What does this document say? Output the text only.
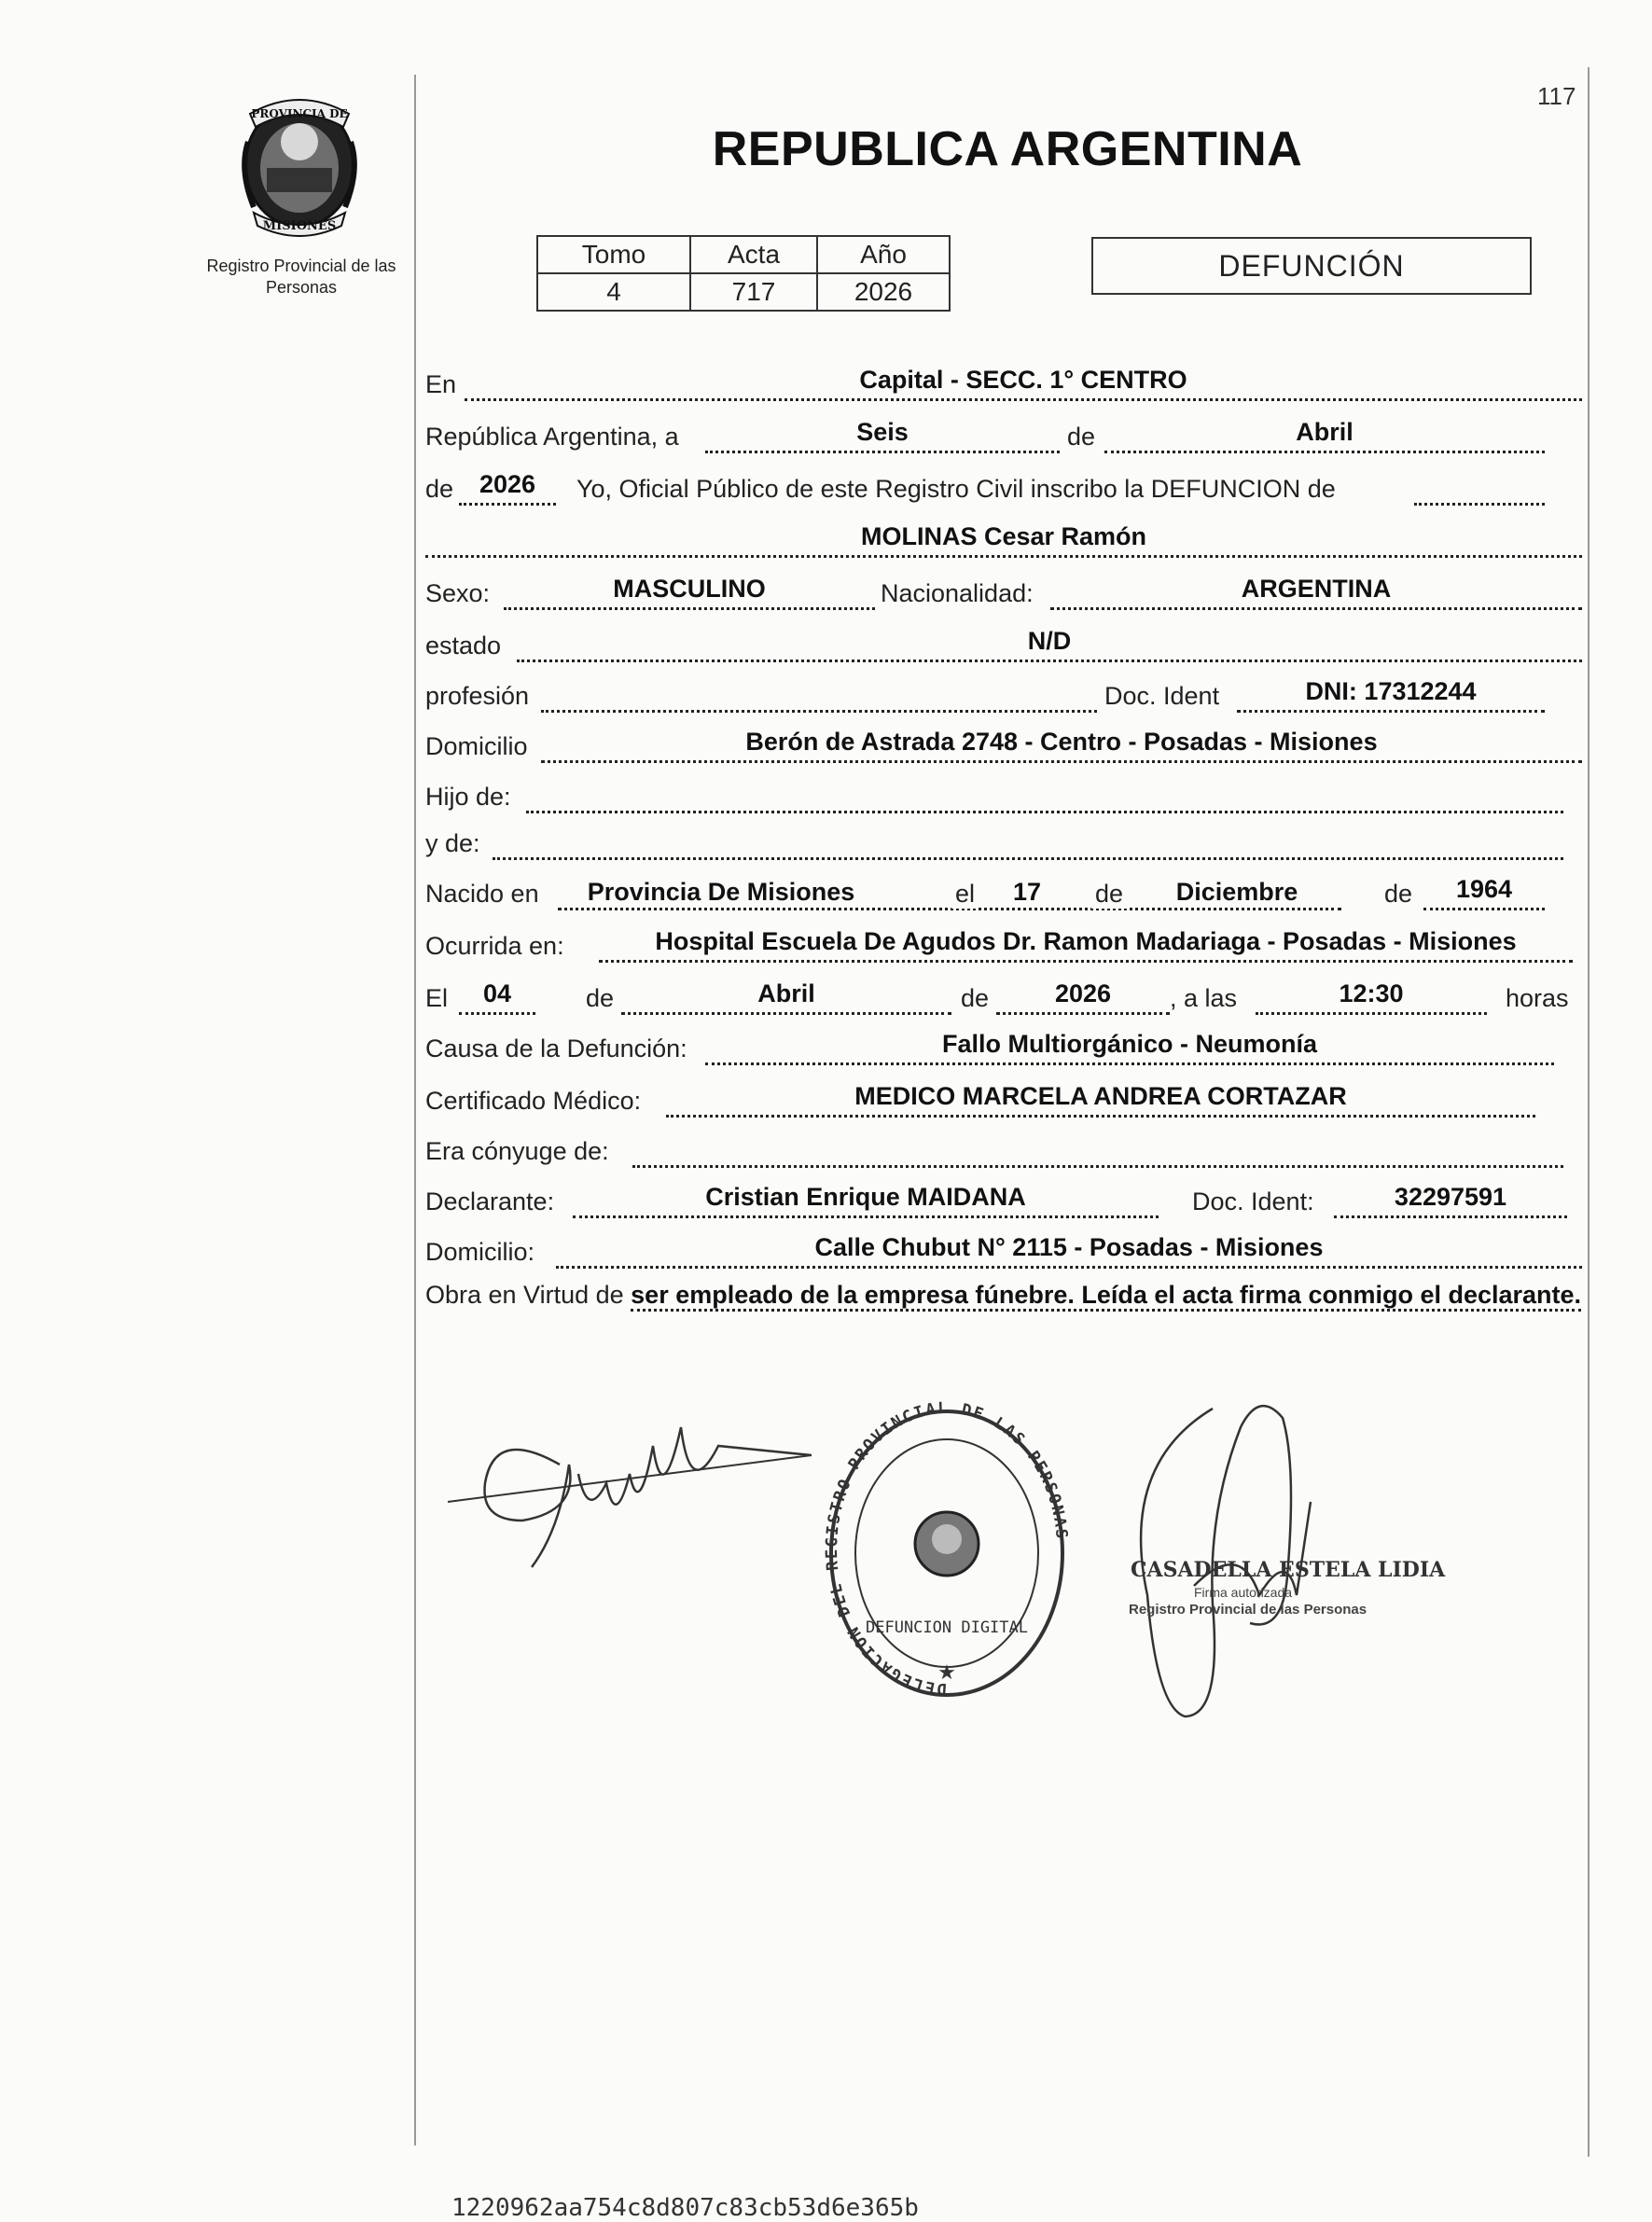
117
PROVINCIA DE
MISIONES
Registro Provincial de las Personas
REPUBLICA ARGENTINA
Tomo	Acta	Año
4	717	2026
DEFUNCIÓN
En	Capital - SECC. 1° CENTRO
República Argentina, a	Seis	de	Abril
de	2026	Yo, Oficial Público de este Registro Civil inscribo la DEFUNCION de
MOLINAS Cesar Ramón
Sexo:	MASCULINO	Nacionalidad:	ARGENTINA
estado	N/D
profesión	Doc. Ident	DNI: 17312244
Domicilio	Berón de Astrada 2748 - Centro - Posadas - Misiones
Hijo de:
y de:
Nacido en	Provincia De Misiones	el	17	de	Diciembre	de	1964
Ocurrida en:	Hospital Escuela De Agudos Dr. Ramon Madariaga - Posadas - Misiones
El	04	de	Abril	de	2026	, a las	12:30	horas
Causa de la Defunción:	Fallo Multiorgánico - Neumonía
Certificado Médico:	MEDICO MARCELA ANDREA CORTAZAR
Era cónyuge de:
Declarante:	Cristian Enrique MAIDANA	Doc. Ident:	32297591
Domicilio:	Calle Chubut N° 2115 - Posadas - Misiones
Obra en Virtud de ser empleado de la empresa fúnebre. Leída el acta firma conmigo el declarante.
DELEGACION DEL REGISTRO PROVINCIAL DE LAS PERSONAS
DEFUNCION DIGITAL
★
CASADELLA ESTELA LIDIA
Firma autorizada
Registro Provincial de las Personas
1220962aa754c8d807c83cb53d6e365b
